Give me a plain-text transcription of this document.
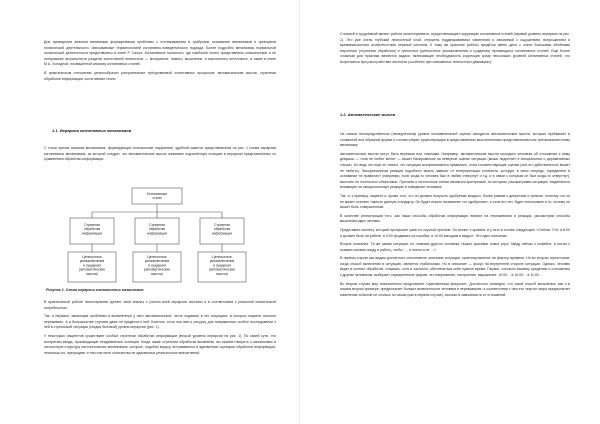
Для проведения анализа механизма формирования проблемы с отслеживанием в трибунале понимание механизмов и принципов психической деятельности, описываемые терминологией когнитивно-поведенческого подхода. Более подробно механизмы нормальной психической деятельности представлены в книге Р. Салли. Когнитивные психологи, где наиболее полно представлены классические и не потерявшие актуальности разделы когнитивной психологии — восприятие, память, мышление, и мысленного интеллекта, а также в книге М.А. Холодной, посвящённой анализу когнитивных стилей.

В практическом отношении целесообразно разграничение трёхуровневой когнитивных процессов: автоматические мысли, стратегии обработки информации, когнитивные стили.

1.1. Иерархия когнитивных механизмов

С точки зрения анализа механизмов, формирующих психические нарушения, удобной кажется представленная на рис. 1 схема иерархии когнитивных механизмов, из которой следует, что автоматические мысли занимают подчинённую позицию в иерархии представленных со сравнением обработки информации.

Когнитивные стили
Стратегии обработки информации
Стратегии обработки информации
Стратегии обработки информации
Ценностные умозаключения и суждения (автоматические мысли)
Ценностные умозаключения и суждения (автоматические мысли)
Ценностные умозаключения и суждения (автоматические мысли)
Рисунок 1. Схема иерархии когнитивных механизмов

В практической работе психотерапевт делает свой анализ с учетом всей иерархии системы и в соответствии с реальной клинической потребностью.

Так, и неравно, являющие проблемы и выявленную у него автоматической, легче подавать в тех ситуациях, в которых пациент склонен переживать. А в большинстве случаев даже не придётся к ней. Конечно, если они ими к ресурсу для направления особое исследование к ней в стрессовой ситуации (стадия бытовой) уровня иерархии (рис. 1).

У некоторых пациентов существуют особые стратегии обработки информации (второй уровень иерархии на рис. 1). По своей сути, это алгоритмы ввода, производящие неадекватные когниции. Когда также стратегии обработки выявлены, вы можем говорить о механизмах в личностную структуру патологических механизмов, которые, подобно вирусу, встраиваются в адекватные сценарии обработки информации, несколько их, преращают и тем или иное количество не адекватных реальностью впечатлений.

Сложной и трудоёмкой являет работа психотерапевта, осуществляющего коррекцию когнитивных стилей (первый уровень иерархии на рис. 1). Это уже очень глубокий личностный слой, стержень поддерживаемых изменения и связанный с ощущением, вопрошанием и времявыношения особенностями нервной системы. К тому же практике работы придётся иметь дело с очень большими объёмами изученных (стратегии обработки) и третичных (ценностные умозаключения и суждения) производных когнитивных стилей. Еще более сложным для практики являются задачи, включающие необходимость коррекции сразу нескольких уровней когнитивных стилей, что встречается при расстройствах личности (особенно при смешанных личностных девиациях).

1.2. Автоматические мысли

На самом непосредственном (немедленном) уровне познавательной оценки находится автоматические мысли, которые пребывают в словесной или образной форме и соответствуют существующим в представлениях мыслительным представлениям или трёхкомпонентному механизму.

Автоматические мысли могут быть верными или ложными. Например, автоматические мысли молодого человека об отношении к нему девушки — «она не любит меня» — может базироваться на неверной оценке ситуации (мышь недостаёт в специальных и деривативных точках). Но ведь это ещё не значит, что ситуация воспринимается правильно, если соответствующие оценки (она его действительно может не любить). Эмоциональная реакция подобного мысль зависит от интерпретации контекста, которую, в свою очередь, определяют в основании «в правилах» (например, если когда-то человек был в любви отвергнут и т.д. и в связи с которым он был когда-то отвергнут), мыслить не полностью объективно. Причины и личностные схемы являются критериями, по которым, рассматривая ситуацию, выделяются влияющие на эмоциональную реакцию и поведение человека.

Так, и, к примеру, пациент и, кроме того, что он должен получить одобрение каждого, более уязвим к депрессии и тревоге, поэтому что он не может осилить тяжесть данную стандарту. Он будет искать понимание «от одобрения», а если его нет, будет испытывать и то, почему не может быть совершенным.

В качестве иллюстрации того, как наши способы обработки информации влияют на переживания и реакции, рассмотрим способы мышления двух человек.

Представьте коллегу, который пропускает ужин по скучной причине. Он встает с кровати, в у него в голове следующее: «Сейчас 7:00, в 8:00 я должен быть на работе, в 9:00 продавать на коробка, а 14:00 выходим в ведро». Это одно описание.

Второе описание. Та же самая ситуация, но главным другого человека «Какое красивое новое утро! Зайду сейчас к кофейне, а потом с новыми силами поиду в работу, чтобы …, и потом я не …»

В первом случае мы видим достаточно сенситивное описание ситуации, ориентированное на фактор времени. Но во втором хронотопом, когда способ включения в ситуацию, является стабильным. Но в описание — фокус на внутренней стороне ситуации. Однако, человек ведет в контакт обработки, стараясь, хотя и частично, обеспечиться себе нужное время. Первое, согласно вашему суждению и отношению к другим человеком, выбирает определенные формы: это напряжение, настроение, выражение: 10:00… в 10:00… в 11:00…

Во втором случае мир показательно представлен «чувственным фокусом». Достаточно очевидно, что такой способ мышления, как и в нашем втором примере, предполагает больше включенности человека в переживания, и соответствии с чем его «карта» мира предполагает изменение событий не столько по часам (как в первом случае), сколько в зависимости от отношений.
